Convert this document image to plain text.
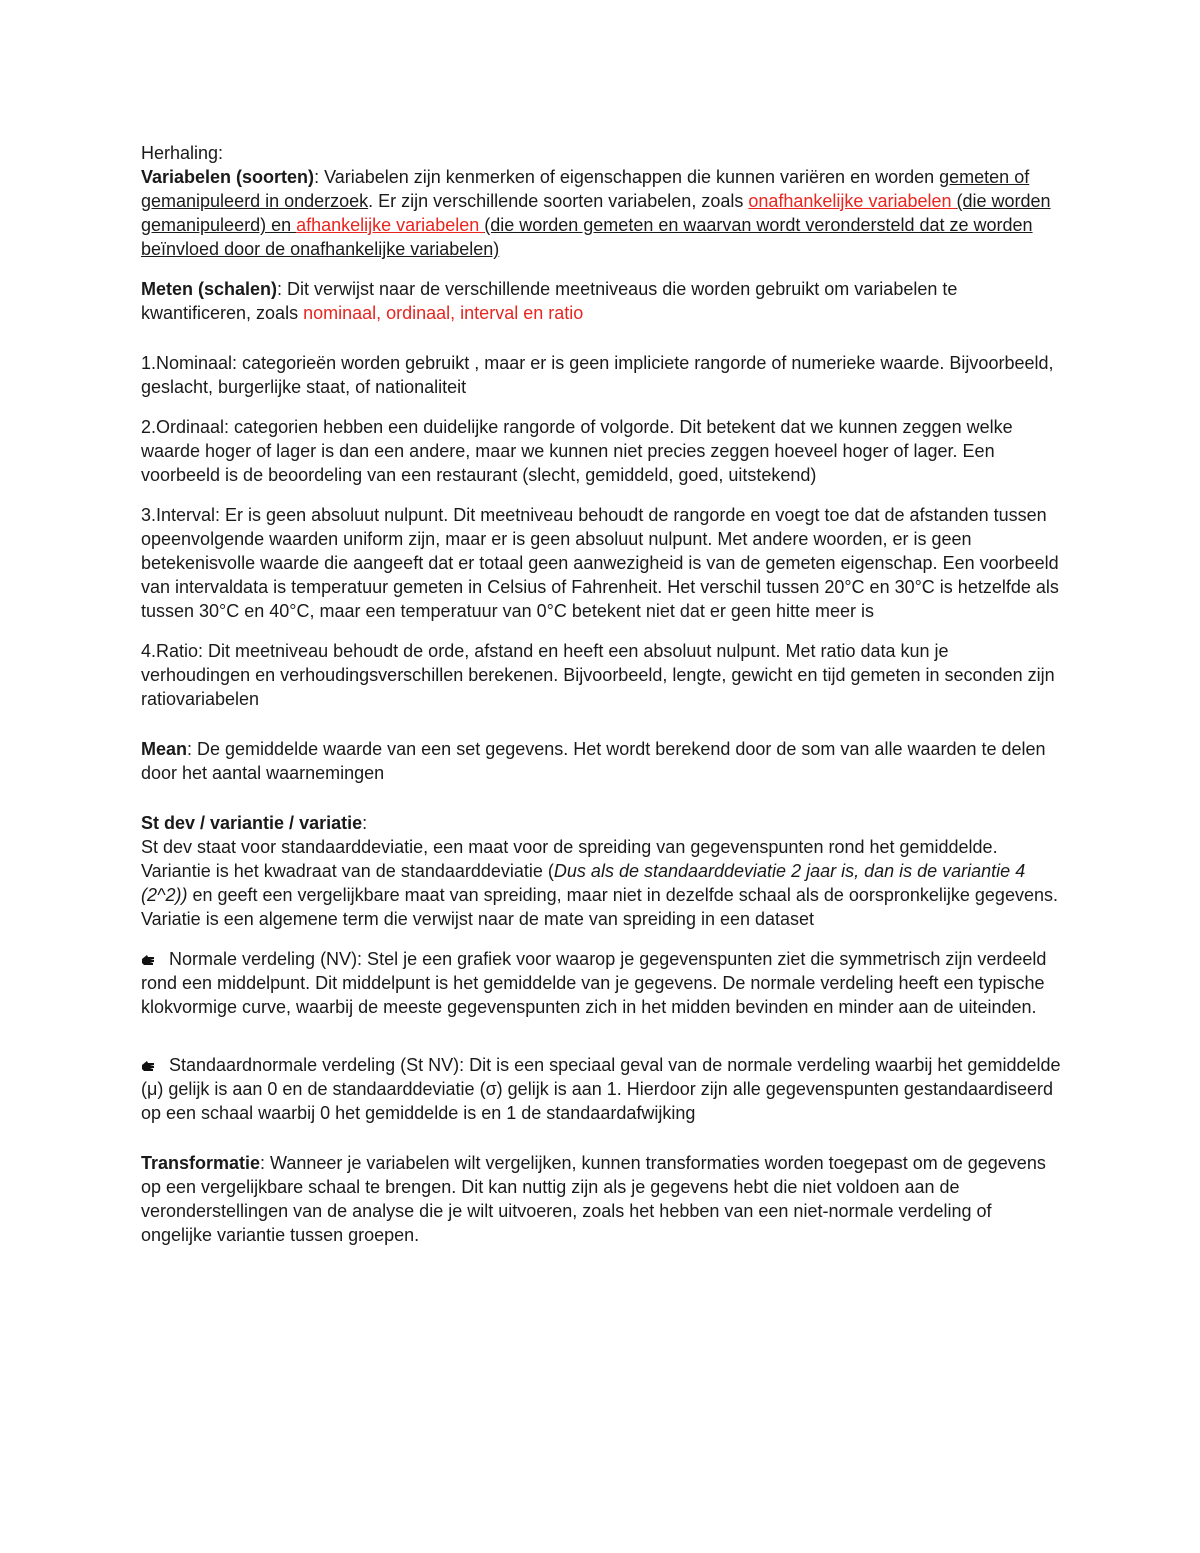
Herhaling:
Variabelen (soorten): Variabelen zijn kenmerken of eigenschappen die kunnen variëren en worden gemeten of gemanipuleerd in onderzoek. Er zijn verschillende soorten variabelen, zoals onafhankelijke variabelen (die worden gemanipuleerd) en afhankelijke variabelen (die worden gemeten en waarvan wordt verondersteld dat ze worden beïnvloed door de onafhankelijke variabelen)

Meten (schalen): Dit verwijst naar de verschillende meetniveaus die worden gebruikt om variabelen te kwantificeren, zoals nominaal, ordinaal, interval en ratio

1.Nominaal: categorieën worden gebruikt , maar er is geen impliciete rangorde of numerieke waarde. Bijvoorbeeld, geslacht, burgerlijke staat, of nationaliteit

2.Ordinaal: categorien hebben een duidelijke rangorde of volgorde. Dit betekent dat we kunnen zeggen welke waarde hoger of lager is dan een andere, maar we kunnen niet precies zeggen hoeveel hoger of lager. Een voorbeeld is de beoordeling van een restaurant (slecht, gemiddeld, goed, uitstekend)

3.Interval: Er is geen absoluut nulpunt. Dit meetniveau behoudt de rangorde en voegt toe dat de afstanden tussen opeenvolgende waarden uniform zijn, maar er is geen absoluut nulpunt. Met andere woorden, er is geen betekenisvolle waarde die aangeeft dat er totaal geen aanwezigheid is van de gemeten eigenschap. Een voorbeeld van intervaldata is temperatuur gemeten in Celsius of Fahrenheit. Het verschil tussen 20°C en 30°C is hetzelfde als tussen 30°C en 40°C, maar een temperatuur van 0°C betekent niet dat er geen hitte meer is

4.Ratio: Dit meetniveau behoudt de orde, afstand en heeft een absoluut nulpunt. Met ratio data kun je verhoudingen en verhoudingsverschillen berekenen. Bijvoorbeeld, lengte, gewicht en tijd gemeten in seconden zijn ratiovariabelen

Mean: De gemiddelde waarde van een set gegevens. Het wordt berekend door de som van alle waarden te delen door het aantal waarnemingen

St dev / variantie / variatie:
St dev staat voor standaarddeviatie, een maat voor de spreiding van gegevenspunten rond het gemiddelde.
Variantie is het kwadraat van de standaarddeviatie (Dus als de standaarddeviatie 2 jaar is, dan is de variantie 4 (2^2)) en geeft een vergelijkbare maat van spreiding, maar niet in dezelfde schaal als de oorspronkelijke gegevens.
Variatie is een algemene term die verwijst naar de mate van spreiding in een dataset

Normale verdeling (NV): Stel je een grafiek voor waarop je gegevenspunten ziet die symmetrisch zijn verdeeld rond een middelpunt. Dit middelpunt is het gemiddelde van je gegevens. De normale verdeling heeft een typische klokvormige curve, waarbij de meeste gegevenspunten zich in het midden bevinden en minder aan de uiteinden.

Standaardnormale verdeling (St NV): Dit is een speciaal geval van de normale verdeling waarbij het gemiddelde (μ) gelijk is aan 0 en de standaarddeviatie (σ) gelijk is aan 1. Hierdoor zijn alle gegevenspunten gestandaardiseerd op een schaal waarbij 0 het gemiddelde is en 1 de standaardafwijking

Transformatie: Wanneer je variabelen wilt vergelijken, kunnen transformaties worden toegepast om de gegevens op een vergelijkbare schaal te brengen. Dit kan nuttig zijn als je gegevens hebt die niet voldoen aan de veronderstellingen van de analyse die je wilt uitvoeren, zoals het hebben van een niet-normale verdeling of ongelijke variantie tussen groepen.
